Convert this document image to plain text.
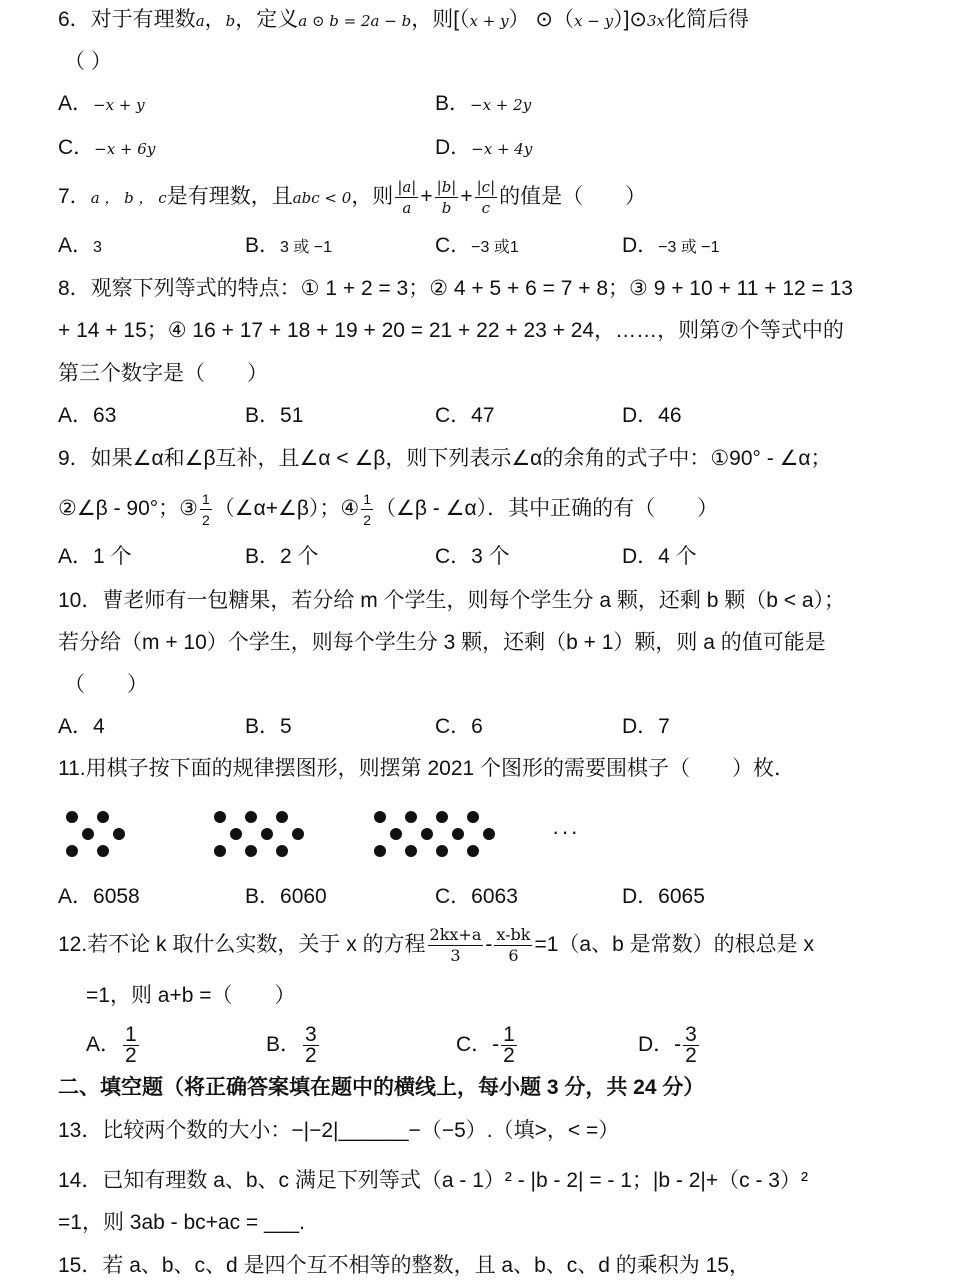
6．对于有理数a，b，定义a ⊙ b = 2a − b，则[（x + y） ⊙（x − y）]⊙3x化简后得
（ ）
A．−x + y	B．−x + 2y
C．−x + 6y	D．−x + 4y
7．a ， b ， c是有理数，且abc < 0，则 $\frac{|a|}{a} + \frac{|b|}{b} + \frac{|c|}{c}$ 的值是（　　）
A．3	B．3 或 −1	C．−3 或1	D．−3 或 −1
8．观察下列等式的特点：① 1 + 2 = 3；② 4 + 5 + 6 = 7 + 8；③ 9 + 10 + 11 + 12 = 13
+ 14 + 15；④ 16 + 17 + 18 + 19 + 20 = 21 + 22 + 23 + 24，……，则第⑦个等式中的
第三个数字是（　　）
A．63	B．51	C．47	D．46
9．如果∠α和∠β互补，且∠α < ∠β，则下列表示∠α的余角的式子中：①90° - ∠α；
②∠β - 90°；③ $\frac{1}{2}$ （∠α+∠β）；④ $\frac{1}{2}$ （∠β - ∠α）．其中正确的有（　　）
A．1 个	B．2 个	C．3 个	D．4 个
10．曹老师有一包糖果，若分给 m 个学生，则每个学生分 a 颗，还剩 b 颗（b < a）；
若分给（m + 10）个学生，则每个学生分 3 颗，还剩（b + 1）颗，则 a 的值可能是
（　　）
A．4	B．5	C．6	D．7
11.用棋子按下面的规律摆图形，则摆第 2021 个图形的需要围棋子（　　）枚．
···
A．6058	B．6060	C．6063	D．6065
12.若不论 k 取什么实数，关于 x 的方程 $\frac{2kx+a}{3} - \frac{x-bk}{6} =1(a$、b 是常数）的根总是 x
=1，则 a+b =（　　）
A． $\frac{1}{2}$	B． $\frac{3}{2}$	C．- $\frac{1}{2}$	D．- $\frac{3}{2}$
二、填空题（将正确答案填在题中的横线上，每小题 3 分，共 24 分）
13．比较两个数的大小：−|−2|______−（−5）.（填>，< =）
14．已知有理数 a、b、c 满足下列等式（a - 1）² - |b - 2| = - 1；|b - 2|+（c - 3）²
=1，则 3ab - bc+ac = ___.
15．若 a、b、c、d 是四个互不相等的整数，且 a、b、c、d 的乘积为 15，
